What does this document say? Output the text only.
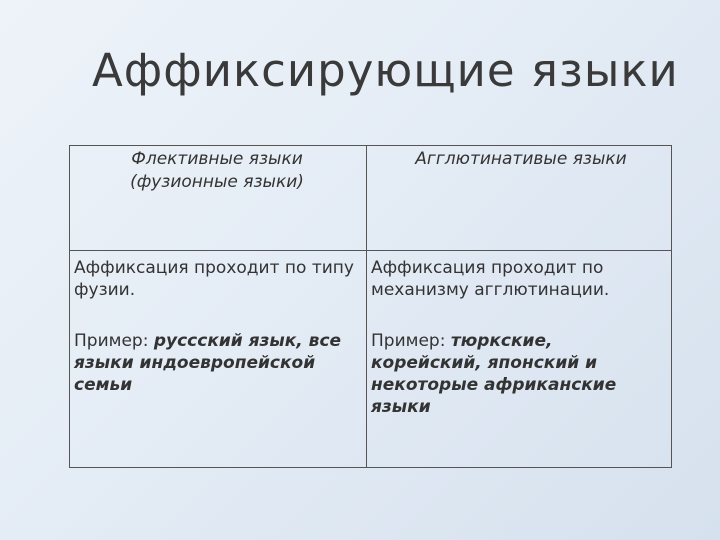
Аффиксирующие языки
Флективные языки
(фузионные языки)
Агглютинативые языки
Аффиксация проходит по типу фузии.
Пример: руссский язык, все языки индоевропейской семьи
Аффиксация проходит по механизму агглютинации.
Пример: тюркские, корейский, японский и некоторые африканские языки
